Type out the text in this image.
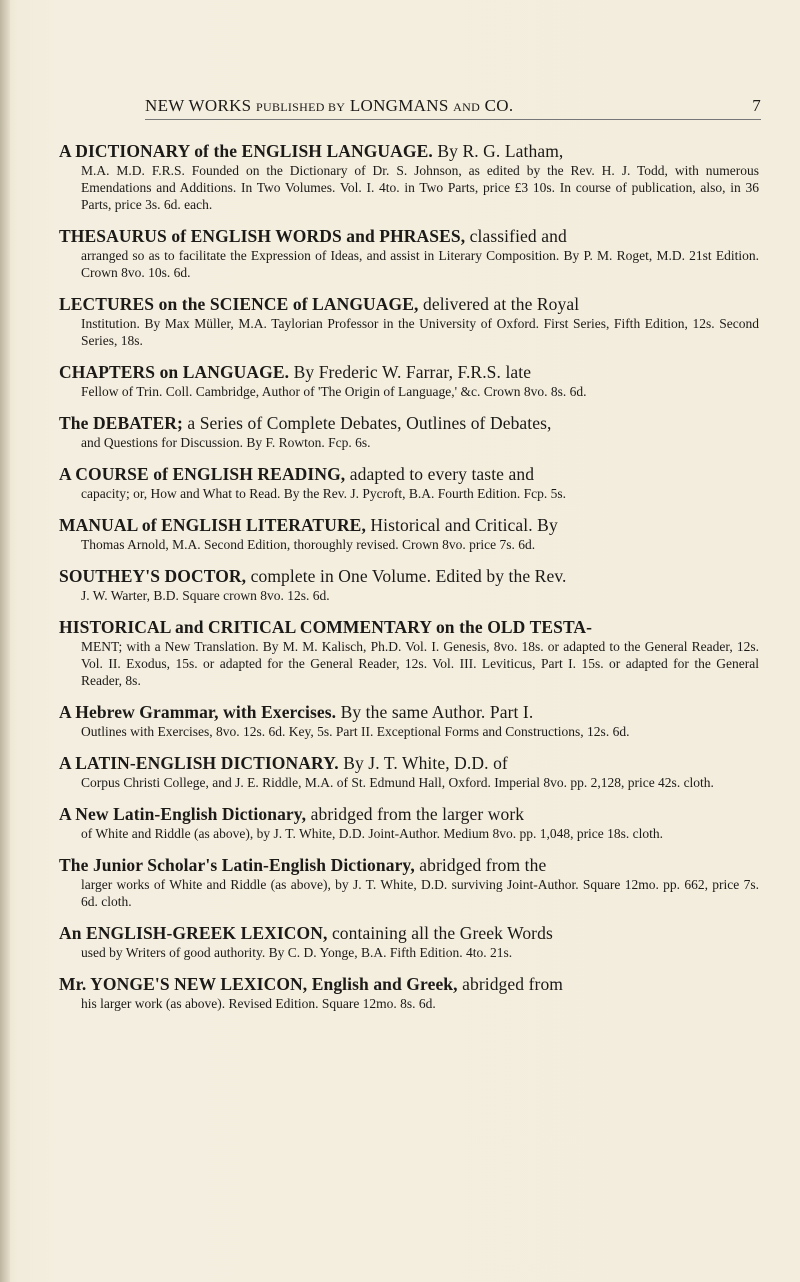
NEW WORKS PUBLISHED BY LONGMANS AND CO.	7
A DICTIONARY of the ENGLISH LANGUAGE. By R. G. Latham,
M.A. M.D. F.R.S. Founded on the Dictionary of Dr. S. Johnson, as edited by the Rev. H. J. Todd, with numerous Emendations and Additions. In Two Volumes. Vol. I. 4to. in Two Parts, price £3 10s. In course of publication, also, in 36 Parts, price 3s. 6d. each.
THESAURUS of ENGLISH WORDS and PHRASES, classified and
arranged so as to facilitate the Expression of Ideas, and assist in Literary Composition. By P. M. Roget, M.D. 21st Edition. Crown 8vo. 10s. 6d.
LECTURES on the SCIENCE of LANGUAGE, delivered at the Royal
Institution. By Max Müller, M.A. Taylorian Professor in the University of Oxford. First Series, Fifth Edition, 12s. Second Series, 18s.
CHAPTERS on LANGUAGE. By Frederic W. Farrar, F.R.S. late
Fellow of Trin. Coll. Cambridge, Author of 'The Origin of Language,' &c. Crown 8vo. 8s. 6d.
The DEBATER; a Series of Complete Debates, Outlines of Debates,
and Questions for Discussion. By F. Rowton. Fcp. 6s.
A COURSE of ENGLISH READING, adapted to every taste and
capacity; or, How and What to Read. By the Rev. J. Pycroft, B.A. Fourth Edition. Fcp. 5s.
MANUAL of ENGLISH LITERATURE, Historical and Critical. By
Thomas Arnold, M.A. Second Edition, thoroughly revised. Crown 8vo. price 7s. 6d.
SOUTHEY'S DOCTOR, complete in One Volume. Edited by the Rev.
J. W. Warter, B.D. Square crown 8vo. 12s. 6d.
HISTORICAL and CRITICAL COMMENTARY on the OLD TESTA-
MENT; with a New Translation. By M. M. Kalisch, Ph.D. Vol. I. Genesis, 8vo. 18s. or adapted to the General Reader, 12s. Vol. II. Exodus, 15s. or adapted for the General Reader, 12s. Vol. III. Leviticus, Part I. 15s. or adapted for the General Reader, 8s.
A Hebrew Grammar, with Exercises. By the same Author. Part I.
Outlines with Exercises, 8vo. 12s. 6d. Key, 5s. Part II. Exceptional Forms and Constructions, 12s. 6d.
A LATIN-ENGLISH DICTIONARY. By J. T. White, D.D. of
Corpus Christi College, and J. E. Riddle, M.A. of St. Edmund Hall, Oxford. Imperial 8vo. pp. 2,128, price 42s. cloth.
A New Latin-English Dictionary, abridged from the larger work
of White and Riddle (as above), by J. T. White, D.D. Joint-Author. Medium 8vo. pp. 1,048, price 18s. cloth.
The Junior Scholar's Latin-English Dictionary, abridged from the
larger works of White and Riddle (as above), by J. T. White, D.D. surviving Joint-Author. Square 12mo. pp. 662, price 7s. 6d. cloth.
An ENGLISH-GREEK LEXICON, containing all the Greek Words
used by Writers of good authority. By C. D. Yonge, B.A. Fifth Edition. 4to. 21s.
Mr. YONGE'S NEW LEXICON, English and Greek, abridged from
his larger work (as above). Revised Edition. Square 12mo. 8s. 6d.
